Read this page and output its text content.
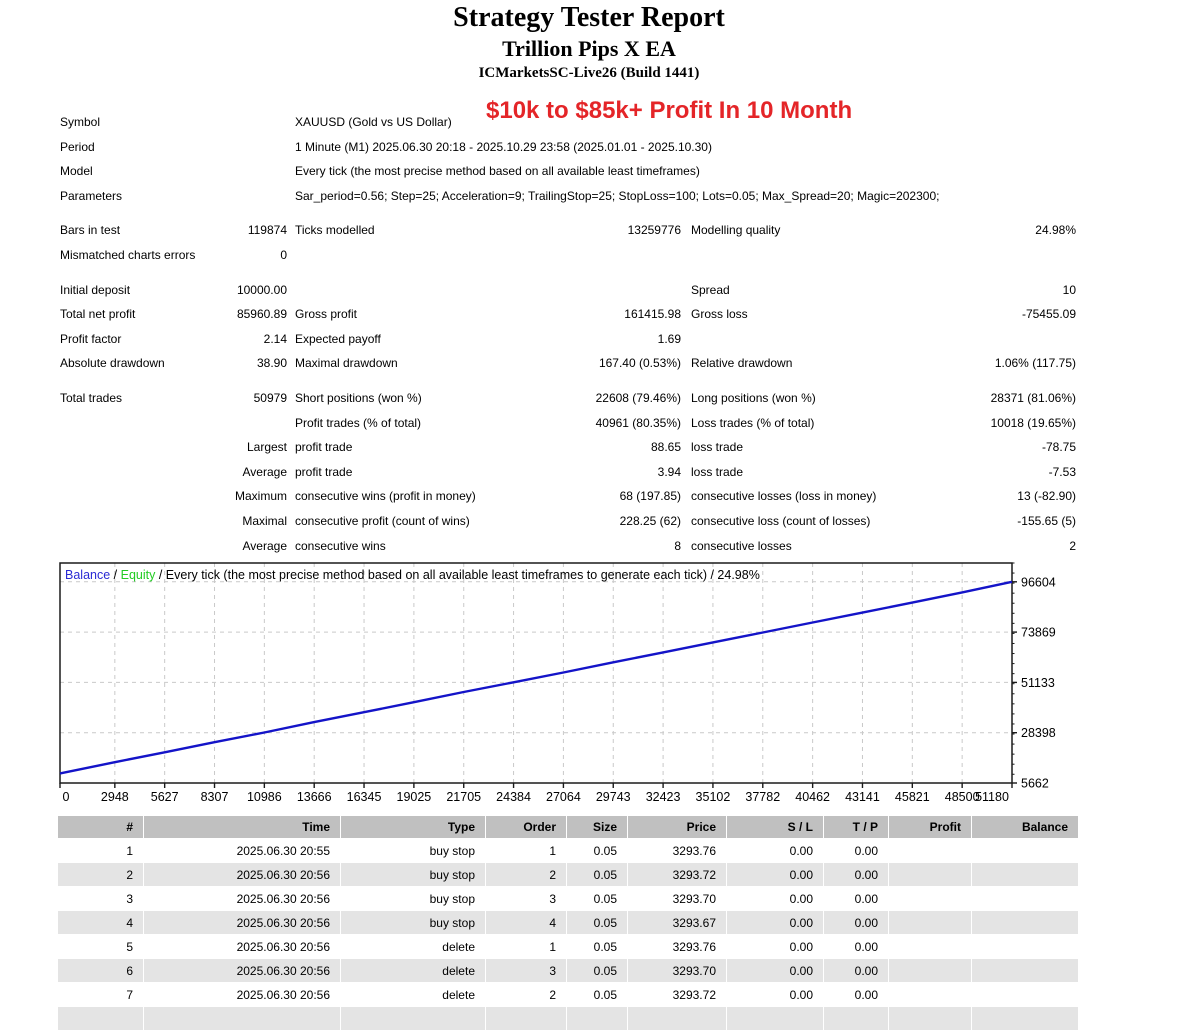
Strategy Tester Report
Trillion Pips X EA
ICMarketsSC-Live26 (Build 1441)
$10k to $85k+ Profit In 10 Month
Symbol	XAUUSD (Gold vs US Dollar)
Period	1 Minute (M1) 2025.06.30 20:18 - 2025.10.29 23:58 (2025.01.01 - 2025.10.30)
Model	Every tick (the most precise method based on all available least timeframes)
Parameters	Sar_period=0.56; Step=25; Acceleration=9; TrailingStop=25; StopLoss=100; Lots=0.05; Max_Spread=20; Magic=202300;
Bars in test	119874 Ticks modelled	13259776 Modelling quality	24.98%
Mismatched charts errors	0
Initial deposit	10000.00	Spread	10
Total net profit	85960.89 Gross profit	161415.98 Gross loss	-75455.09
Profit factor	2.14 Expected payoff	1.69
Absolute drawdown	38.90 Maximal drawdown	167.40 (0.53%) Relative drawdown	1.06% (117.75)
Total trades	50979 Short positions (won %)	22608 (79.46%) Long positions (won %)	28371 (81.06%)
Profit trades (% of total)	40961 (80.35%) Loss trades (% of total)	10018 (19.65%)
Largest profit trade	88.65 loss trade	-78.75
Average profit trade	3.94 loss trade	-7.53
Maximum consecutive wins (profit in money)	68 (197.85) consecutive losses (loss in money)	13 (-82.90)
Maximal consecutive profit (count of wins)	228.25 (62) consecutive loss (count of losses)	-155.65 (5)
Average consecutive wins	8 consecutive losses	2
0	2948 5627 8307 10986 13666 16345 19025 21705 24384 27064 29743 32423 35102 37782 40462 43141 45821 48500
51180
96604
73869
51133
28398
5662
Balance / Equity / Every tick (the most precise method based on all available least timeframes to generate each tick) / 24.98%
#	Time	Type	Order	Size	Price	S / L	T / P	Profit	Balance
1	2025.06.30 20:55	buy stop	1	0.05	3293.76	0.00	0.00		
2	2025.06.30 20:56	buy stop	2	0.05	3293.72	0.00	0.00		
3	2025.06.30 20:56	buy stop	3	0.05	3293.70	0.00	0.00		
4	2025.06.30 20:56	buy stop	4	0.05	3293.67	0.00	0.00		
5	2025.06.30 20:56	delete	1	0.05	3293.76	0.00	0.00		
6	2025.06.30 20:56	delete	3	0.05	3293.70	0.00	0.00		
7	2025.06.30 20:56	delete	2	0.05	3293.72	0.00	0.00		
